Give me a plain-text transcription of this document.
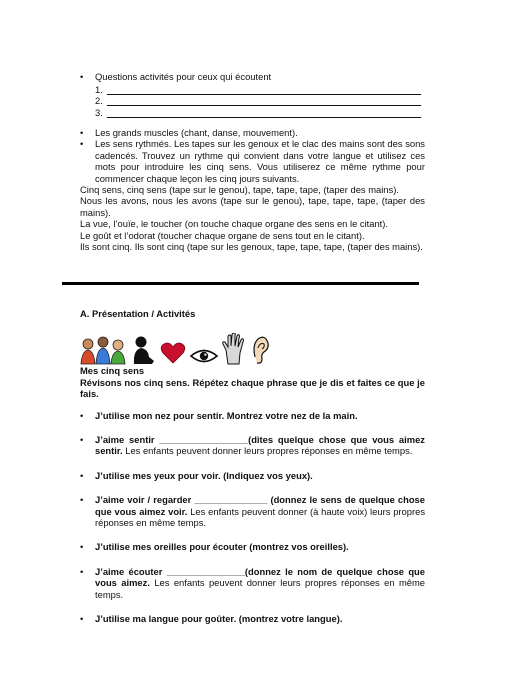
•	Questions activités pour ceux qui écoutent
1.
2.
3.
•	Les grands muscles (chant, danse, mouvement).
•	Les sens rythmés. Les tapes sur les genoux et le clac des mains sont des sons cadencés. Trouvez un rythme qui convient dans votre langue et utilisez ces mots pour introduire les cinq sens. Vous utiliserez ce même rythme pour commencer chaque leçon les cinq jours suivants.
Cinq sens, cinq sens (tape sur le genou), tape, tape, tape, (taper des mains).
Nous les avons, nous les avons (tape sur le genou), tape, tape, tape, (taper des mains).
La vue, l’ouïe, le toucher (on touche chaque organe des sens en le citant).
Le goût et l’odorat (toucher chaque organe de sens tout en le citant).
Ils sont cinq. Ils sont cinq (tape sur les genoux, tape, tape, tape, (taper des mains).
A. Présentation / Activités
Mes cinq sens
Révisons nos cinq sens. Répétez chaque phrase que je dis et faites ce que je fais.
•	J’utilise mon nez pour sentir. Montrez votre nez de la main.
•	J’aime sentir _________________(dites quelque chose que vous aimez sentir. Les enfants peuvent donner leurs propres réponses en même temps.
•	J’utilise mes yeux pour voir. (Indiquez vos yeux).
•	J’aime voir / regarder ______________ (donnez le sens de quelque chose que vous aimez voir. Les enfants peuvent donner (à haute voix) leurs propres réponses en même temps.
•	J’utilise mes oreilles pour écouter (montrez vos oreilles).
•	J’aime écouter _______________(donnez le nom de quelque chose que vous aimez. Les enfants peuvent donner leurs propres réponses en même temps.
•	J’utilise ma langue pour goûter. (montrez votre langue).
